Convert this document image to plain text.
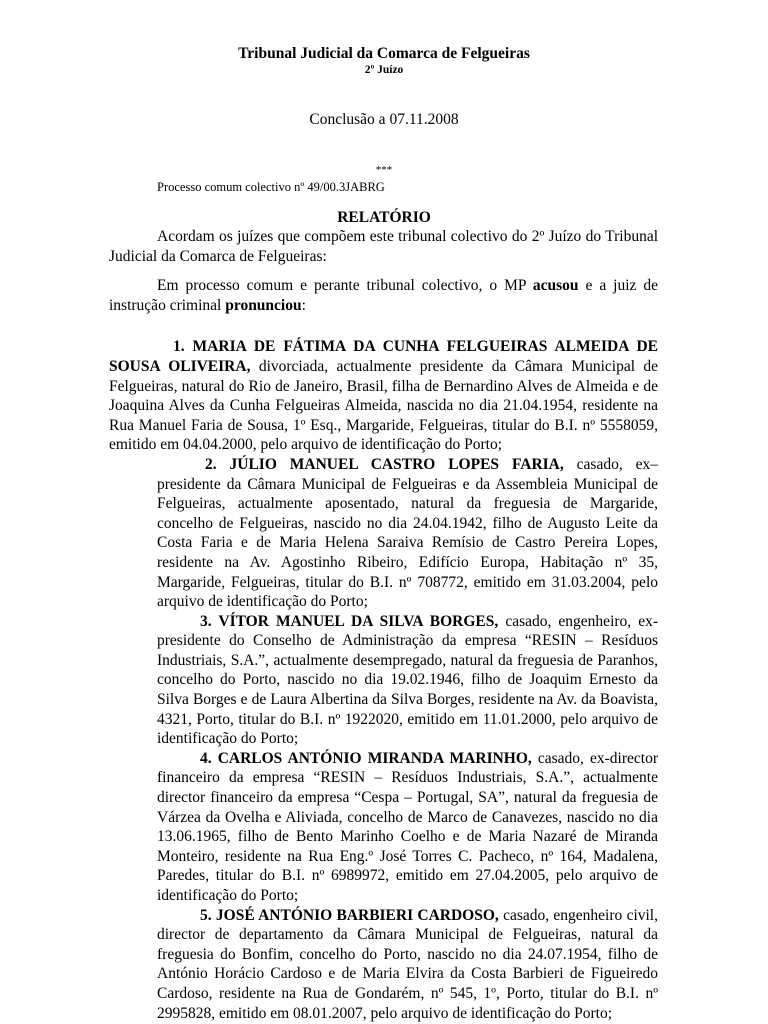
Tribunal Judicial da Comarca de Felgueiras
2º Juízo
Conclusão a 07.11.2008
***
Processo comum colectivo nº 49/00.3JABRG
RELATÓRIO

Acordam os juízes que compõem este tribunal colectivo do 2º Juízo do Tribunal Judicial da Comarca de Felgueiras:

Em processo comum e perante tribunal colectivo, o MP acusou e a juiz de instrução criminal pronunciou:

1. MARIA DE FÁTIMA DA CUNHA FELGUEIRAS ALMEIDA DE SOUSA OLIVEIRA, divorciada, actualmente presidente da Câmara Municipal de Felgueiras, natural do Rio de Janeiro, Brasil, filha de Bernardino Alves de Almeida e de Joaquina Alves da Cunha Felgueiras Almeida, nascida no dia 21.04.1954, residente na Rua Manuel Faria de Sousa, 1º Esq., Margaride, Felgueiras, titular do B.I. nº 5558059, emitido em 04.04.2000, pelo arquivo de identificação do Porto;

2. JÚLIO MANUEL CASTRO LOPES FARIA, casado, ex–presidente da Câmara Municipal de Felgueiras e da Assembleia Municipal de Felgueiras, actualmente aposentado, natural da freguesia de Margaride, concelho de Felgueiras, nascido no dia 24.04.1942, filho de Augusto Leite da Costa Faria e de Maria Helena Saraiva Remísio de Castro Pereira Lopes, residente na Av. Agostinho Ribeiro, Edifício Europa, Habitação nº 35, Margaride, Felgueiras, titular do B.I. nº 708772, emitido em 31.03.2004, pelo arquivo de identificação do Porto;

3. VÍTOR MANUEL DA SILVA BORGES, casado, engenheiro, ex-presidente do Conselho de Administração da empresa “RESIN – Resíduos Industriais, S.A.”, actualmente desempregado, natural da freguesia de Paranhos, concelho do Porto, nascido no dia 19.02.1946, filho de Joaquim Ernesto da Silva Borges e de Laura Albertina da Silva Borges, residente na Av. da Boavista, 4321, Porto, titular do B.I. nº 1922020, emitido em 11.01.2000, pelo arquivo de identificação do Porto;

4. CARLOS ANTÓNIO MIRANDA MARINHO, casado, ex-director financeiro da empresa “RESIN – Resíduos Industriais, S.A.”, actualmente director financeiro da empresa “Cespa – Portugal, SA”, natural da freguesia de Várzea da Ovelha e Aliviada, concelho de Marco de Canavezes, nascido no dia 13.06.1965, filho de Bento Marinho Coelho e de Maria Nazaré de Miranda Monteiro, residente na Rua Eng.º José Torres C. Pacheco, nº 164, Madalena, Paredes, titular do B.I. nº 6989972, emitido em 27.04.2005, pelo arquivo de identificação do Porto;

5. JOSÉ ANTÓNIO BARBIERI CARDOSO, casado, engenheiro civil, director de departamento da Câmara Municipal de Felgueiras, natural da freguesia do Bonfim, concelho do Porto, nascido no dia 24.07.1954, filho de António Horácio Cardoso e de Maria Elvira da Costa Barbieri de Figueiredo Cardoso, residente na Rua de Gondarém, nº 545, 1º, Porto, titular do B.I. nº 2995828, emitido em 08.01.2007, pelo arquivo de identificação do Porto;
